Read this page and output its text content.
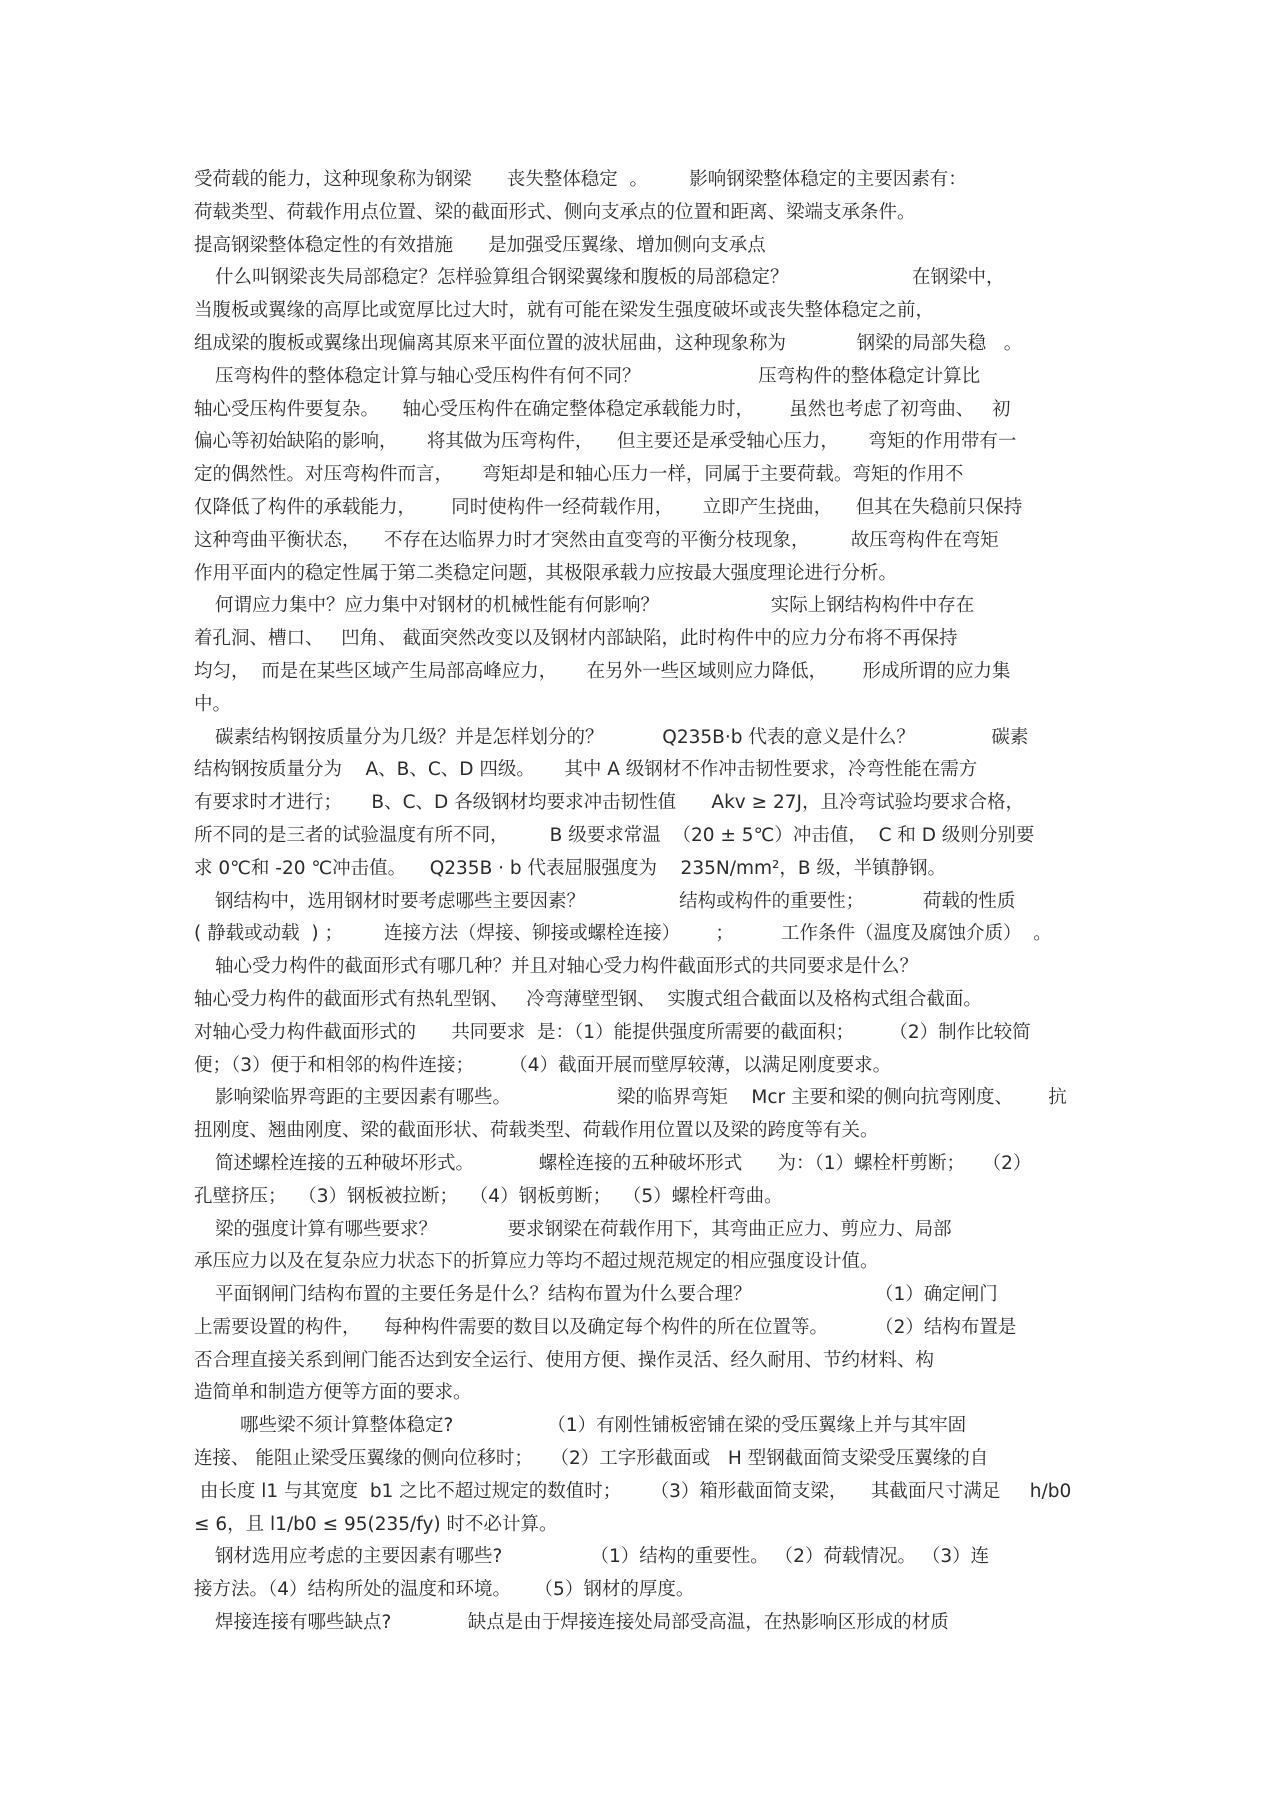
受荷载的能力，这种现象称为钢梁      丧失整体稳定  。       影响钢梁整体稳定的主要因素有：
荷载类型、荷载作用点位置、梁的截面形式、侧向支承点的位置和距离、梁端支承条件。
提高钢梁整体稳定性的有效措施      是加强受压翼缘、增加侧向支承点
什么叫钢梁丧失局部稳定？怎样验算组合钢梁翼缘和腹板的局部稳定？                     在钢梁中，
当腹板或翼缘的高厚比或宽厚比过大时，就有可能在梁发生强度破坏或丧失整体稳定之前，
组成梁的腹板或翼缘出现偏离其原来平面位置的波状屈曲，这种现象称为            钢梁的局部失稳   。
压弯构件的整体稳定计算与轴心受压构件有何不同？                    压弯构件的整体稳定计算比
轴心受压构件要复杂。    轴心受压构件在确定整体稳定承载能力时，      虽然也考虑了初弯曲、   初
偏心等初始缺陷的影响，     将其做为压弯构件，    但主要还是承受轴心压力，     弯矩的作用带有一
定的偶然性。对压弯构件而言，     弯矩却是和轴心压力一样，同属于主要荷载。弯矩的作用不
仅降低了构件的承载能力，      同时使构件一经荷载作用，     立即产生挠曲，    但其在失稳前只保持
这种弯曲平衡状态，    不存在达临界力时才突然由直变弯的平衡分枝现象，       故压弯构件在弯矩
作用平面内的稳定性属于第二类稳定问题，其极限承载力应按最大强度理论进行分析。
何谓应力集中？应力集中对钢材的机械性能有何影响？                   实际上钢结构构件中存在
着孔洞、槽口、   凹角、 截面突然改变以及钢材内部缺陷，此时构件中的应力分布将不再保持
均匀，  而是在某些区域产生局部高峰应力，     在另外一些区域则应力降低，      形成所谓的应力集
中。
碳素结构钢按质量分为几级？并是怎样划分的？          Q235B·b 代表的意义是什么？             碳素
结构钢按质量分为    A、B、C、D 四级。     其中 A 级钢材不作冲击韧性要求，冷弯性能在需方
有要求时才进行；     B、C、D 各级钢材均要求冲击韧性值      Akv ≥ 27J，且冷弯试验均要求合格，
所不同的是三者的试验温度有所不同，       B 级要求常温  （20 ± 5℃）冲击值，  C 和 D 级则分别要
求 0℃和 -20 ℃冲击值。    Q235B · b 代表屈服强度为    235N/mm²，B 级，半镇静钢。
钢结构中，选用钢材时要考虑哪些主要因素？                结构或构件的重要性；          荷载的性质
( 静载或动载  ) ；       连接方法（焊接、铆接或螺栓连接）      ；        工作条件（温度及腐蚀介质）  。
轴心受力构件的截面形式有哪几种？并且对轴心受力构件截面形式的共同要求是什么？
轴心受力构件的截面形式有热轧型钢、   冷弯薄壁型钢、  实腹式组合截面以及格构式组合截面。
对轴心受力构件截面形式的      共同要求  是：（1）能提供强度所需要的截面积；      （2）制作比较简
便；（3）便于和相邻的构件连接；      （4）截面开展而壁厚较薄，以满足刚度要求。
影响梁临界弯距的主要因素有哪些。                  梁的临界弯矩    Mcr 主要和梁的侧向抗弯刚度、      抗
扭刚度、翘曲刚度、梁的截面形状、荷载类型、荷载作用位置以及梁的跨度等有关。
简述螺栓连接的五种破坏形式。           螺栓连接的五种破坏形式      为：（1）螺栓杆剪断；   （2）
孔壁挤压；  （3）钢板被拉断；  （4）钢板剪断；  （5）螺栓杆弯曲。
梁的强度计算有哪些要求？            要求钢梁在荷载作用下，其弯曲正应力、剪应力、局部
承压应力以及在复杂应力状态下的折算应力等均不超过规范规定的相应强度设计值。
平面钢闸门结构布置的主要任务是什么？结构布置为什么要合理？                     （1）确定闸门
上需要设置的构件，    每种构件需要的数目以及确定每个构件的所在位置等。        （2）结构布置是
否合理直接关系到闸门能否达到安全运行、使用方便、操作灵活、经久耐用、节约材料、构
造简单和制造方便等方面的要求。
哪些梁不须计算整体稳定?                （1）有刚性铺板密铺在梁的受压翼缘上并与其牢固
连接、 能阻止梁受压翼缘的侧向位移时；   （2）工字形截面或   H 型钢截面简支梁受压翼缘的自
由长度 l1 与其宽度  b1 之比不超过规定的数值时；     （3）箱形截面简支梁，    其截面尺寸满足     h/b0
≤ 6，且 l1/b0 ≤ 95(235/fy) 时不必计算。
钢材选用应考虑的主要因素有哪些?               （1）结构的重要性。 （2）荷载情况。 （3）连
接方法。（4）结构所处的温度和环境。    （5）钢材的厚度。
焊接连接有哪些缺点?             缺点是由于焊接连接处局部受高温，在热影响区形成的材质
